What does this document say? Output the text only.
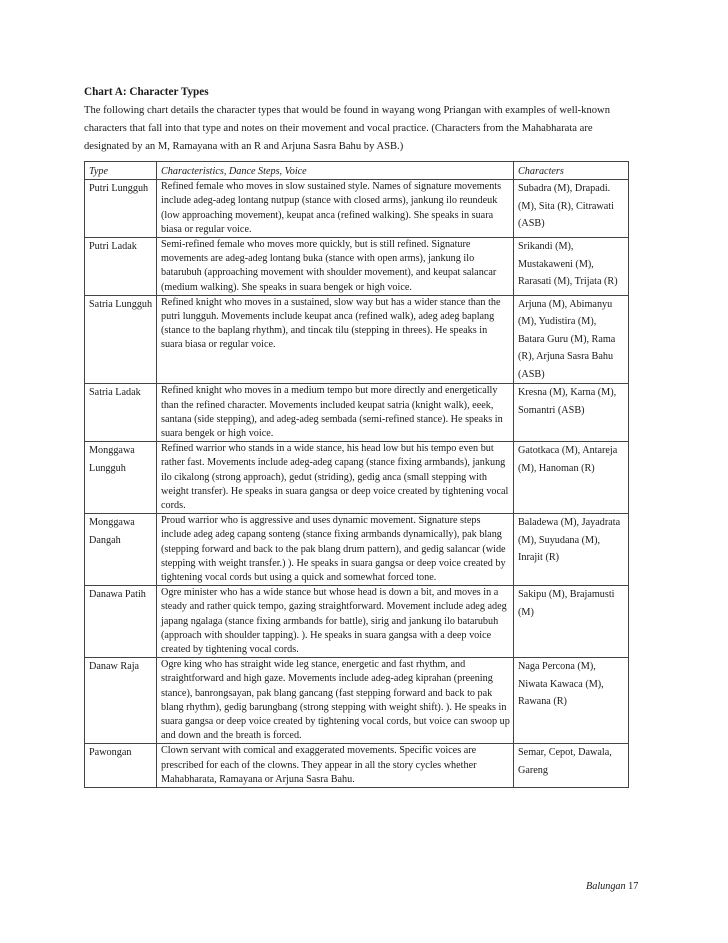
Chart A: Character Types
The following chart details the character types that would be found in wayang wong Priangan with examples of well-known characters that fall into that type and notes on their movement and vocal practice. (Characters from the Mahabharata are designated by an M, Ramayana with an R and Arjuna Sasra Bahu by ASB.)
Type	Characteristics, Dance Steps, Voice	Characters
Putri Lungguh	Refined female who moves in slow sustained style. Names of signature movements include adeg-adeg lontang nutpup (stance with closed arms), jankung ilo reundeuk (low approaching movement), keupat anca (refined walking). She speaks in suara biasa or regular voice.	Subadra (M), Drapadi. (M), Sita (R), Citrawati (ASB)
Putri Ladak	Semi-refined female who moves more quickly, but is still refined. Signature movements are adeg-adeg lontang buka (stance with open arms), jankung ilo batarubuh (approaching movement with shoulder movement), and keupat salancar (medium walking). She speaks in suara bengek or high voice.	Srikandi (M), Mustakaweni (M), Rarasati (M), Trijata (R)
Satria Lungguh	Refined knight who moves in a sustained, slow way but has a wider stance than the putri lungguh. Movements include keupat anca (refined walk), adeg adeg baplang (stance to the baplang rhythm), and tincak tilu (stepping in threes). He speaks in suara biasa or regular voice.	Arjuna (M), Abimanyu (M), Yudistira (M), Batara Guru (M), Rama (R), Arjuna Sasra Bahu (ASB)
Satria Ladak	Refined knight who moves in a medium tempo but more directly and energetically than the refined character. Movements included keupat satria (knight walk), eeek, santana (side stepping), and adeg-adeg sembada (semi-refined stance). He speaks in suara bengek or high voice.	Kresna (M), Karna (M), Somantri (ASB)
Monggawa Lungguh	Refined warrior who stands in a wide stance, his head low but his tempo even but rather fast. Movements include adeg-adeg capang (stance fixing armbands), jankung ilo cikalong (strong approach), gedut (striding), gedig anca (small stepping with weight transfer). He speaks in suara gangsa or deep voice created by tightening vocal cords.	Gatotkaca (M), Antareja (M), Hanoman (R)
Monggawa Dangah	Proud warrior who is aggressive and uses dynamic movement. Signature steps include adeg adeg capang sonteng (stance fixing armbands dynamically), pak blang (stepping forward and back to the pak blang drum pattern), and gedig salancar (wide stepping with weight transfer.) ). He speaks in suara gangsa or deep voice created by tightening vocal cords but using a quick and somewhat forced tone.	Baladewa (M), Jayadrata (M), Suyudana (M), Inrajit (R)
Danawa Patih	Ogre minister who has a wide stance but whose head is down a bit, and moves in a steady and rather quick tempo, gazing straightforward. Movement include adeg adeg japang ngalaga (stance fixing armbands for battle), sirig and jankung ilo batarubuh (approach with shoulder tapping). ). He speaks in suara gangsa with a deep voice created by tightening vocal cords.	Sakipu (M), Brajamusti (M)
Danaw Raja	Ogre king who has straight wide leg stance, energetic and fast rhythm, and straightforward and high gaze. Movements include adeg-adeg kiprahan (preening stance), banrongsayan, pak blang gancang (fast stepping forward and back to pak blang rhythm), gedig barungbang (strong stepping with weight shift). ). He speaks in suara gangsa or deep voice created by tightening vocal cords, but voice can swoop up and down and the breath is forced.	Naga Percona (M), Niwata Kawaca (M), Rawana (R)
Pawongan	Clown servant with comical and exaggerated movements. Specific voices are prescribed for each of the clowns. They appear in all the story cycles whether Mahabharata, Ramayana or Arjuna Sasra Bahu.	Semar, Cepot, Dawala, Gareng
Balungan 17
